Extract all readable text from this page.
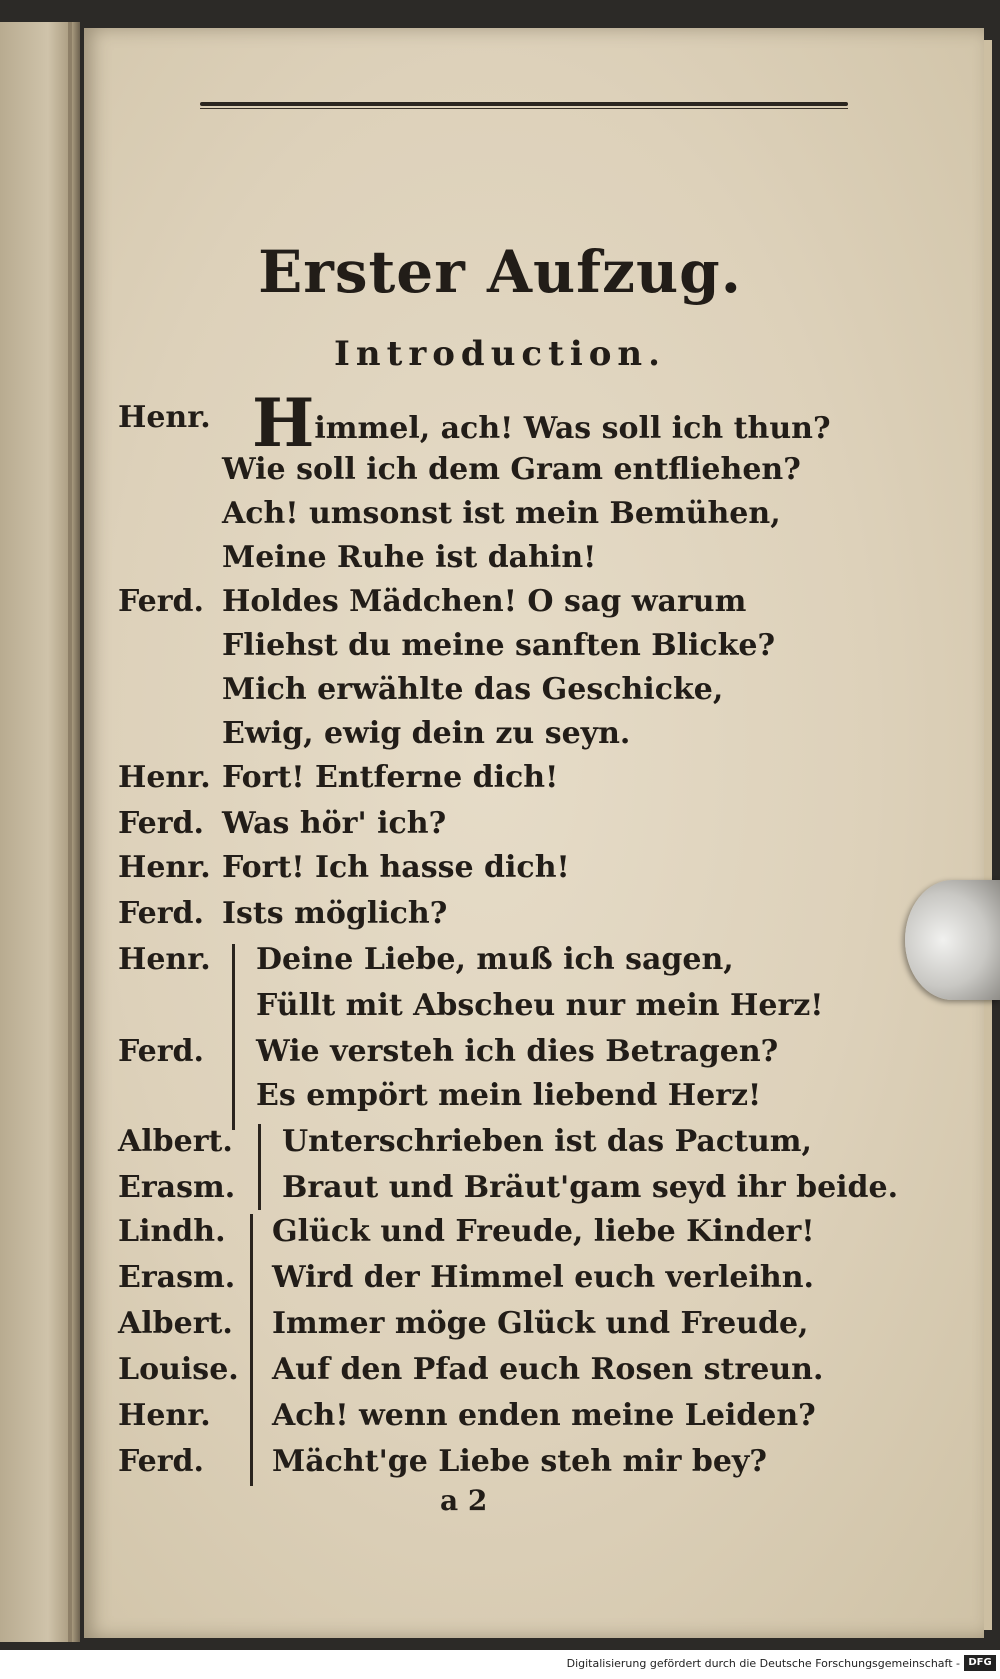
Erster Aufzug.
Introduction.
Henr. Himmel, ach! Was soll ich thun?
Wie soll ich dem Gram entfliehen?
Ach! umsonst ist mein Bemühen,
Meine Ruhe ist dahin!
Ferd. Holdes Mädchen! O sag warum
Fliehst du meine sanften Blicke?
Mich erwählte das Geschicke,
Ewig, ewig dein zu seyn.
Henr. Fort! Entferne dich!
Ferd. Was hör' ich?
Henr. Fort! Ich hasse dich!
Ferd. Ists möglich?
Henr. Deine Liebe, muß ich sagen,
Füllt mit Abscheu nur mein Herz!
Ferd. Wie versteh ich dies Betragen?
Es empört mein liebend Herz!
Albert. Unterschrieben ist das Pactum,
Erasm. Braut und Bräut'gam seyd ihr beide.
Lindh. Glück und Freude, liebe Kinder!
Erasm. Wird der Himmel euch verleihn.
Albert. Immer möge Glück und Freude,
Louise. Auf den Pfad euch Rosen streun.
Henr. Ach! wenn enden meine Leiden?
Ferd. Mächt'ge Liebe steh mir bey?
a 2
Digitalisierung gefördert durch die Deutsche Forschungsgemeinschaft - DFG
